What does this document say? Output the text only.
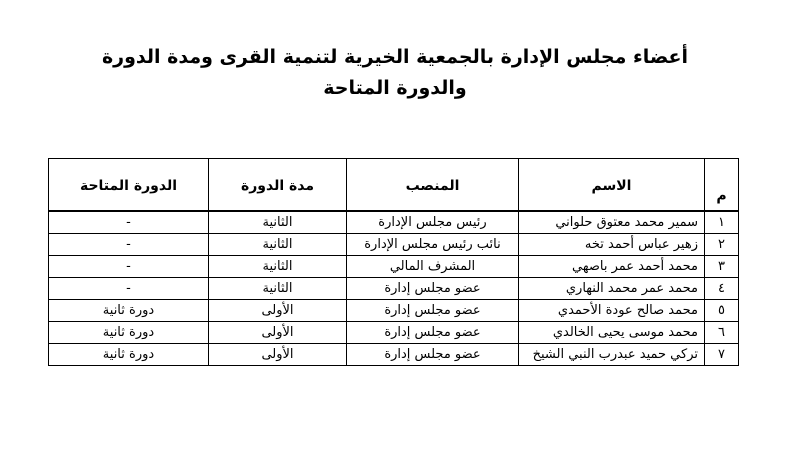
أعضاء مجلس الإدارة بالجمعية الخيرية لتنمية القرى ومدة الدورة
والدورة المتاحة
م	الاسم	المنصب	مدة الدورة	الدورة المتاحة
١	سمير محمد معتوق حلواني	رئيس مجلس الإدارة	الثانية	-
٢	زهير عباس أحمد تخه	نائب رئيس مجلس الإدارة	الثانية	-
٣	محمد أحمد عمر باصهي	المشرف المالي	الثانية	-
٤	محمد عمر محمد النهاري	عضو مجلس إدارة	الثانية	-
٥	محمد صالح عودة الأحمدي	عضو مجلس إدارة	الأولى	دورة ثانية
٦	محمد موسى يحيى الخالدي	عضو مجلس إدارة	الأولى	دورة ثانية
٧	تركي حميد عبدرب النبي الشيخ	عضو مجلس إدارة	الأولى	دورة ثانية
